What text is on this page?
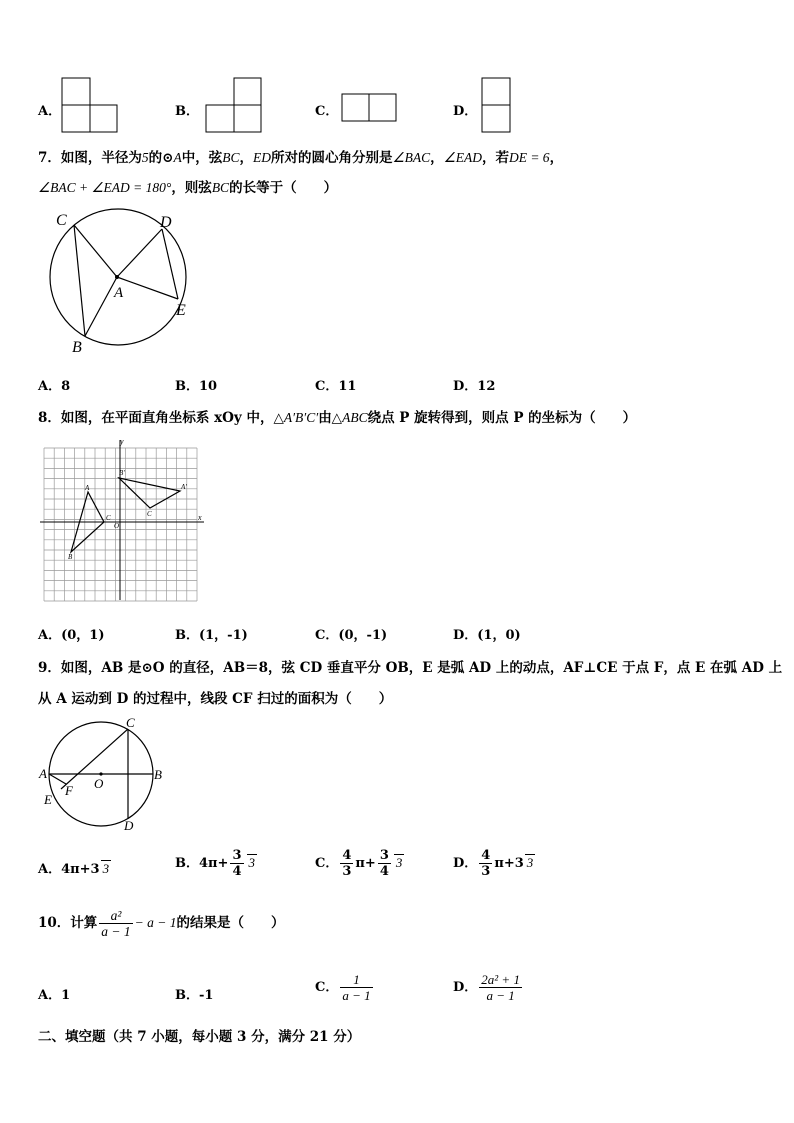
A．	B．	C．	D．
7．如图，半径为5的⊙A中，弦BC，ED所对的圆心角分别是∠BAC，∠EAD，若DE = 6，
∠BAC + ∠EAD = 180°，则弦BC的长等于（　　）
C	D
A
E
B
A．8	B．10	C．11	D．12
8．如图，在平面直角坐标系 xOy 中，△A′B′C′由△ABC绕点 P 旋转得到，则点 P 的坐标为（　　）
y
x
O
A
B
C
A′
B′
C
A．(0，1)	B．(1，-1)	C．(0，-1)	D．(1，0)
9．如图，AB 是⊙O 的直径，AB＝8，弦 CD 垂直平分 OB，E 是弧 AD 上的动点，AF⊥CE 于点 F，点 E 在弧 AD 上
从 A 运动到 D 的过程中，线段 CF 扫过的面积为（　　）
C
A	B
O
F
E
D
A．4π+3 3	B．$4\pi+ \frac{3}{4} 3$	C． $\frac{4}{3} \pi+ \frac{3}{4} 3$	D． $\frac{4}{3} \pi+3$ 3
10．计算 $\frac{\text{a²}}{a - 1} - a - 1$的结果是（　　）
A．1	B．-1
C． $\frac{1}{a - 1}$	D． $\frac{\text{2a² + 1}}{a - 1}$
二、填空题（共 7 小题，每小题 3 分，满分 21 分）
